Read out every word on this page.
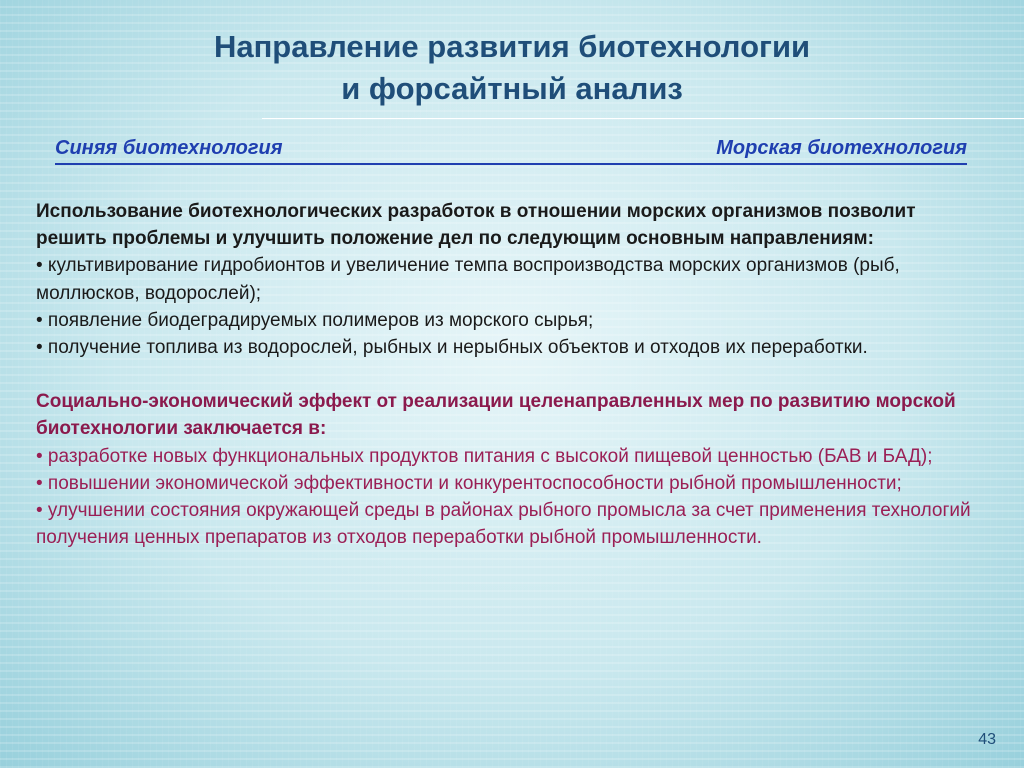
Направление развития биотехнологии
и форсайтный анализ
Синяя биотехнология	Морская биотехнология

Использование биотехнологических разработок в отношении морских организмов позволит решить проблемы и улучшить положение дел по следующим основным направлениям:

• культивирование гидробионтов и увеличение темпа воспроизводства морских организмов (рыб, моллюсков, водорослей);

• появление биодеградируемых полимеров из морского сырья;

• получение топлива из водорослей, рыбных и нерыбных объектов и отходов их переработки.

Социально-экономический эффект от реализации целенаправленных мер по развитию морской биотехнологии заключается в:

• разработке новых функциональных продуктов питания с высокой пищевой ценностью (БАВ и БАД);

• повышении экономической эффективности и конкурентоспособности рыбной промышленности;

• улучшении состояния окружающей среды в районах рыбного промысла за счет применения технологий получения ценных препаратов из отходов переработки рыбной промышленности.

43
